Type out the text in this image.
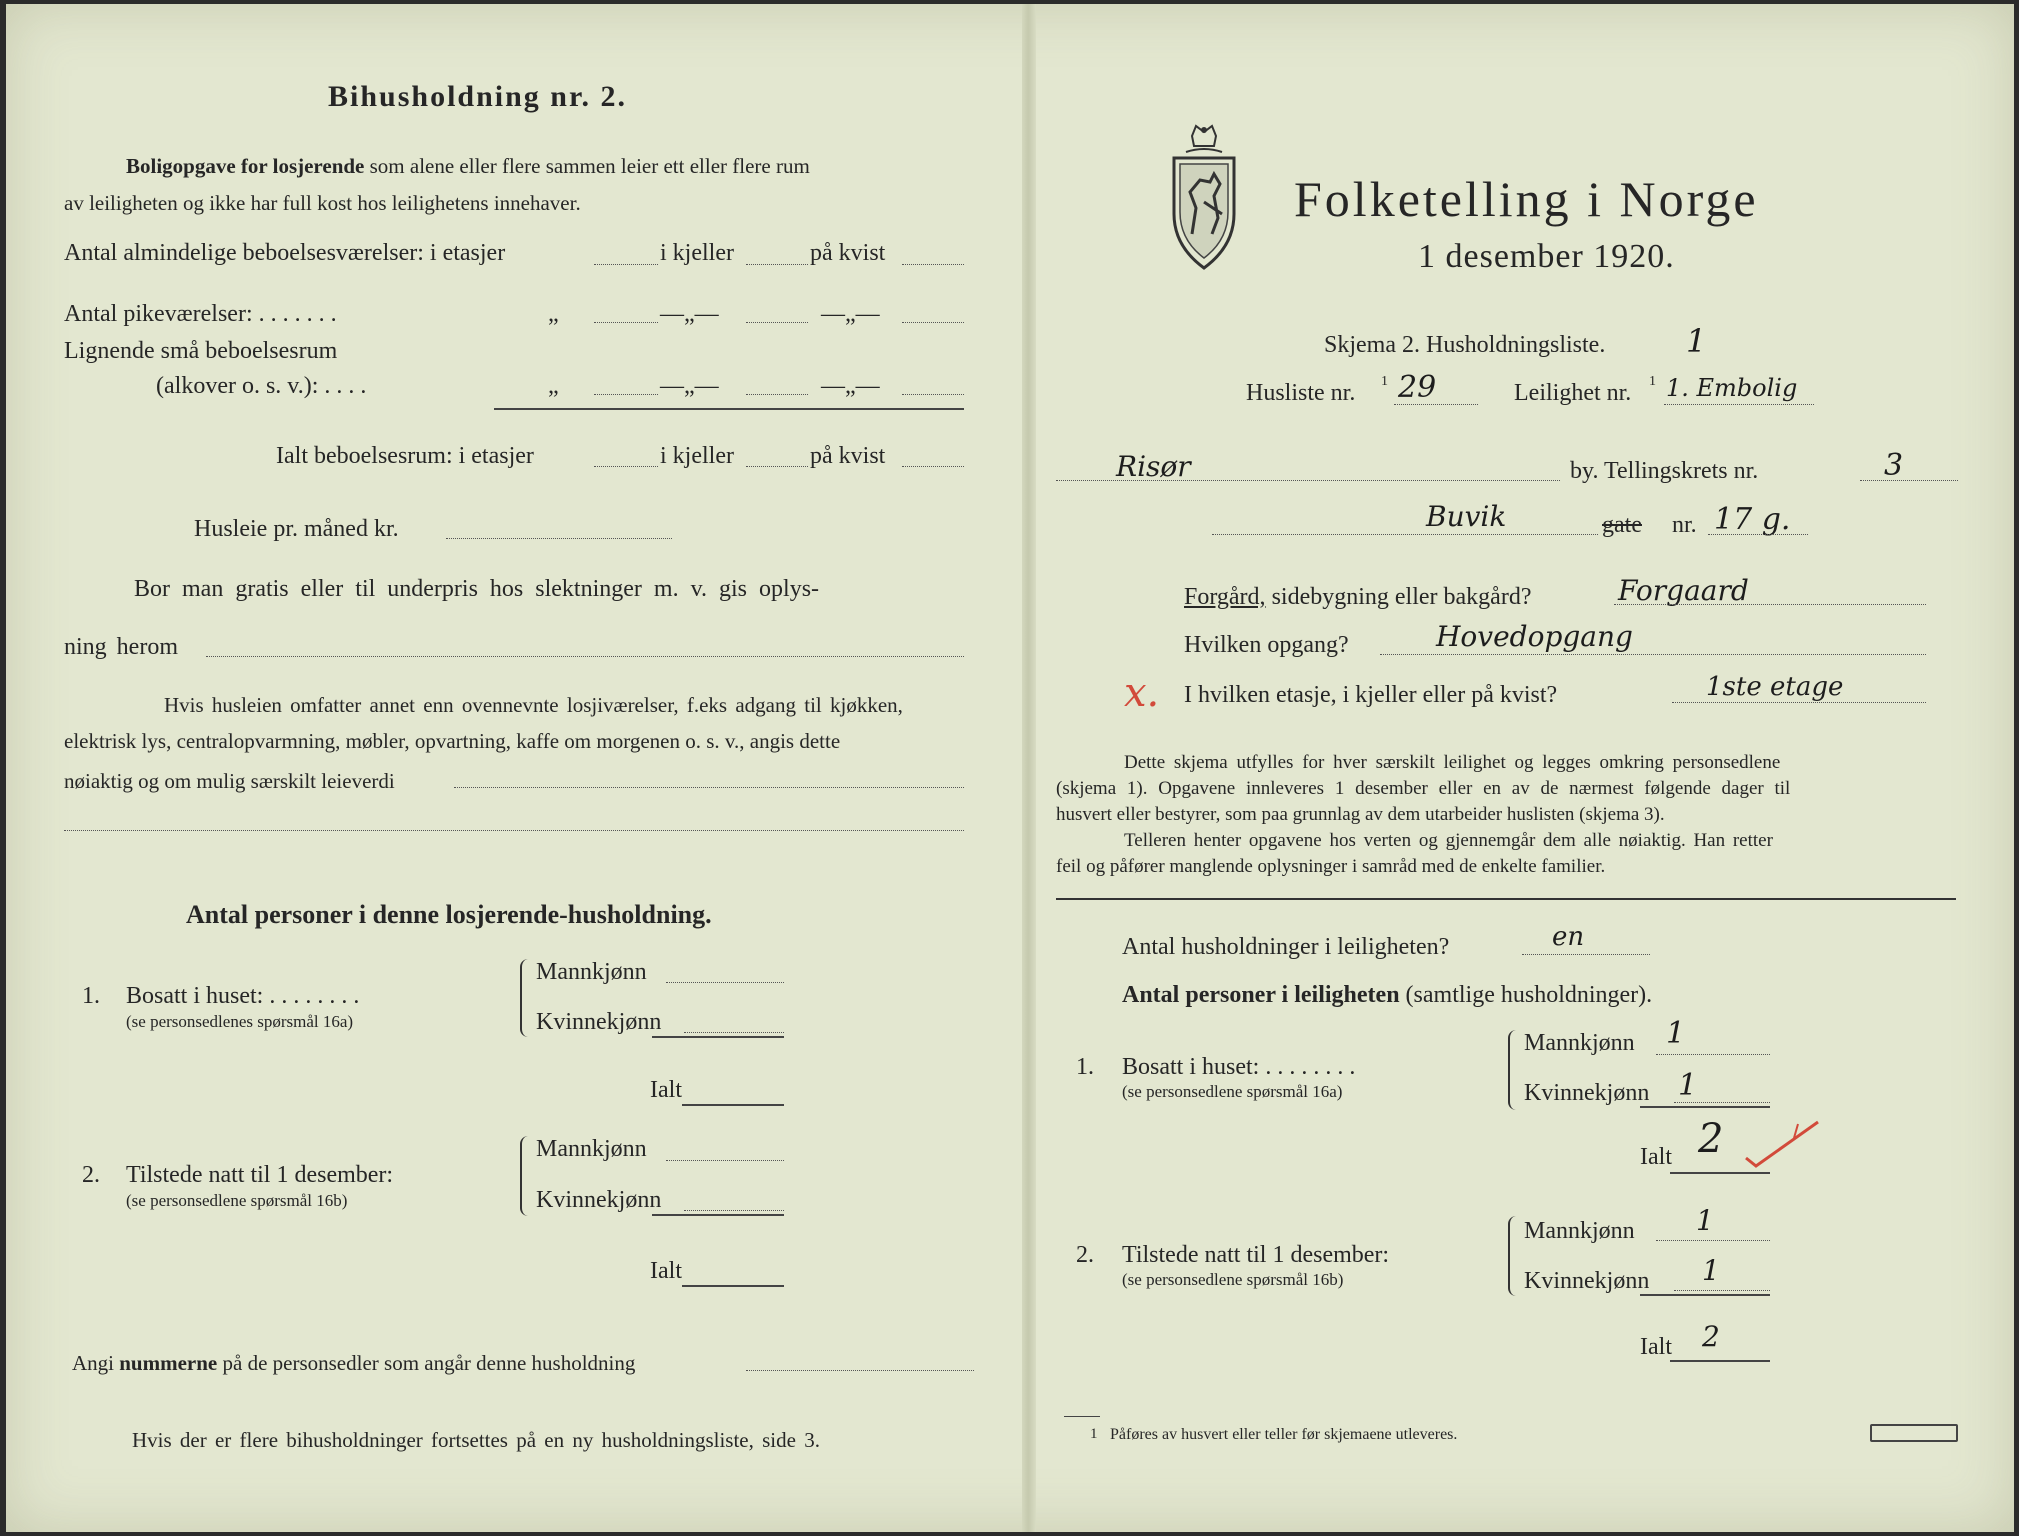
Bihusholdning nr. 2.
Boligopgave for losjerende som alene eller flere sammen leier ett eller flere rum
av leiligheten og ikke har full kost hos leilighetens innehaver.
Antal almindelige beboelsesværelser: i etasjer	i kjeller	på kvist
Antal pikeværelser: . . . . . . .	„	—„—	—„—
Lignende små beboelsesrum
(alkover o. s. v.): . . . .	„	—„—	—„—
Ialt beboelsesrum: i etasjer	i kjeller	på kvist
Husleie pr. måned kr.
Bor man gratis eller til underpris hos slektninger m. v. gis oplys-
ning herom
Hvis husleien omfatter annet enn ovennevnte losjiværelser, f.eks adgang til kjøkken,
elektrisk lys, centralopvarmning, møbler, opvartning, kaffe om morgenen o. s. v., angis dette
nøiaktig og om mulig særskilt leieverdi
Antal personer i denne losjerende-husholdning.
1. Bosatt i huset: . . . . . . . .
(se personsedlenes spørsmål 16a)
Mannkjønn
Kvinnekjønn
Ialt
2. Tilstede natt til 1 desember:
(se personsedlene spørsmål 16b)
Mannkjønn
Kvinnekjønn
Ialt
Angi nummerne på de personsedler som angår denne husholdning
Hvis der er flere bihusholdninger fortsettes på en ny husholdningsliste, side 3.
Folketelling i Norge
1 desember 1920.
Skjema 2. Husholdningsliste.	1
Husliste nr. 1 29	Leilighet nr. 1 1. Embolig
Risør	by. Tellingskrets nr.	3
Buvik	gate nr. 17 g.
Forgård, sidebygning eller bakgård?	Forgaard
Hvilken opgang?	Hovedopgang
x. I hvilken etasje, i kjeller eller på kvist?	1ste etage
Dette skjema utfylles for hver særskilt leilighet og legges omkring personsedlene
(skjema 1). Opgavene innleveres 1 desember eller en av de nærmest følgende dager til
husvert eller bestyrer, som paa grunnlag av dem utarbeider huslisten (skjema 3).
Telleren henter opgavene hos verten og gjennemgår dem alle nøiaktig. Han retter
feil og påfører manglende oplysninger i samråd med de enkelte familier.
Antal husholdninger i leiligheten?	en
Antal personer i leiligheten (samtlige husholdninger).
1. Bosatt i huset: . . . . . . . .
(se personsedlene spørsmål 16a)
Mannkjønn 1
Kvinnekjønn 1
Ialt 2
2. Tilstede natt til 1 desember:
(se personsedlene spørsmål 16b)
Mannkjønn 1
Kvinnekjønn 1
Ialt 2
1 Påføres av husvert eller teller før skjemaene utleveres.
